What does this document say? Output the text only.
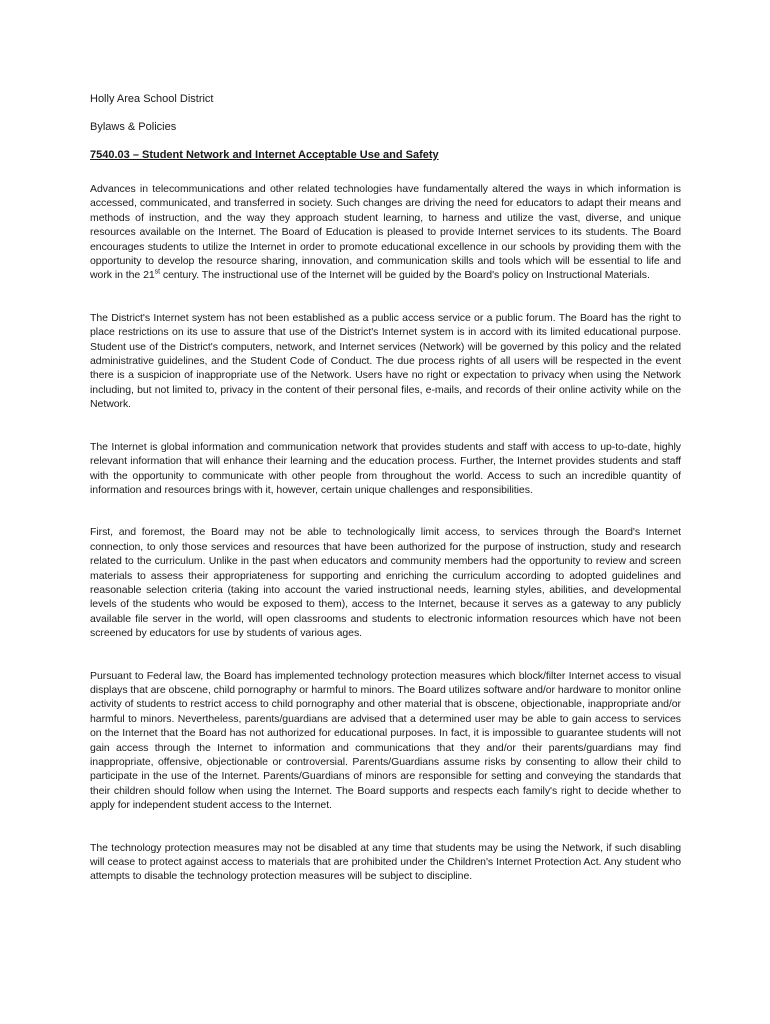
Holly Area School District

Bylaws & Policies

7540.03 – Student Network and Internet Acceptable Use and Safety

Advances in telecommunications and other related technologies have fundamentally altered the ways in which information is accessed, communicated, and transferred in society. Such changes are driving the need for educators to adapt their means and methods of instruction, and the way they approach student learning, to harness and utilize the vast, diverse, and unique resources available on the Internet. The Board of Education is pleased to provide Internet services to its students. The Board encourages students to utilize the Internet in order to promote educational excellence in our schools by providing them with the opportunity to develop the resource sharing, innovation, and communication skills and tools which will be essential to life and work in the 21st century. The instructional use of the Internet will be guided by the Board's policy on Instructional Materials.

The District's Internet system has not been established as a public access service or a public forum. The Board has the right to place restrictions on its use to assure that use of the District's Internet system is in accord with its limited educational purpose. Student use of the District's computers, network, and Internet services (Network) will be governed by this policy and the related administrative guidelines, and the Student Code of Conduct. The due process rights of all users will be respected in the event there is a suspicion of inappropriate use of the Network. Users have no right or expectation to privacy when using the Network including, but not limited to, privacy in the content of their personal files, e-mails, and records of their online activity while on the Network.

The Internet is global information and communication network that provides students and staff with access to up-to-date, highly relevant information that will enhance their learning and the education process. Further, the Internet provides students and staff with the opportunity to communicate with other people from throughout the world. Access to such an incredible quantity of information and resources brings with it, however, certain unique challenges and responsibilities.

First, and foremost, the Board may not be able to technologically limit access, to services through the Board's Internet connection, to only those services and resources that have been authorized for the purpose of instruction, study and research related to the curriculum. Unlike in the past when educators and community members had the opportunity to review and screen materials to assess their appropriateness for supporting and enriching the curriculum according to adopted guidelines and reasonable selection criteria (taking into account the varied instructional needs, learning styles, abilities, and developmental levels of the students who would be exposed to them), access to the Internet, because it serves as a gateway to any publicly available file server in the world, will open classrooms and students to electronic information resources which have not been screened by educators for use by students of various ages.

Pursuant to Federal law, the Board has implemented technology protection measures which block/filter Internet access to visual displays that are obscene, child pornography or harmful to minors. The Board utilizes software and/or hardware to monitor online activity of students to restrict access to child pornography and other material that is obscene, objectionable, inappropriate and/or harmful to minors. Nevertheless, parents/guardians are advised that a determined user may be able to gain access to services on the Internet that the Board has not authorized for educational purposes. In fact, it is impossible to guarantee students will not gain access through the Internet to information and communications that they and/or their parents/guardians may find inappropriate, offensive, objectionable or controversial. Parents/Guardians assume risks by consenting to allow their child to participate in the use of the Internet. Parents/Guardians of minors are responsible for setting and conveying the standards that their children should follow when using the Internet. The Board supports and respects each family's right to decide whether to apply for independent student access to the Internet.

The technology protection measures may not be disabled at any time that students may be using the Network, if such disabling will cease to protect against access to materials that are prohibited under the Children's Internet Protection Act. Any student who attempts to disable the technology protection measures will be subject to discipline.
